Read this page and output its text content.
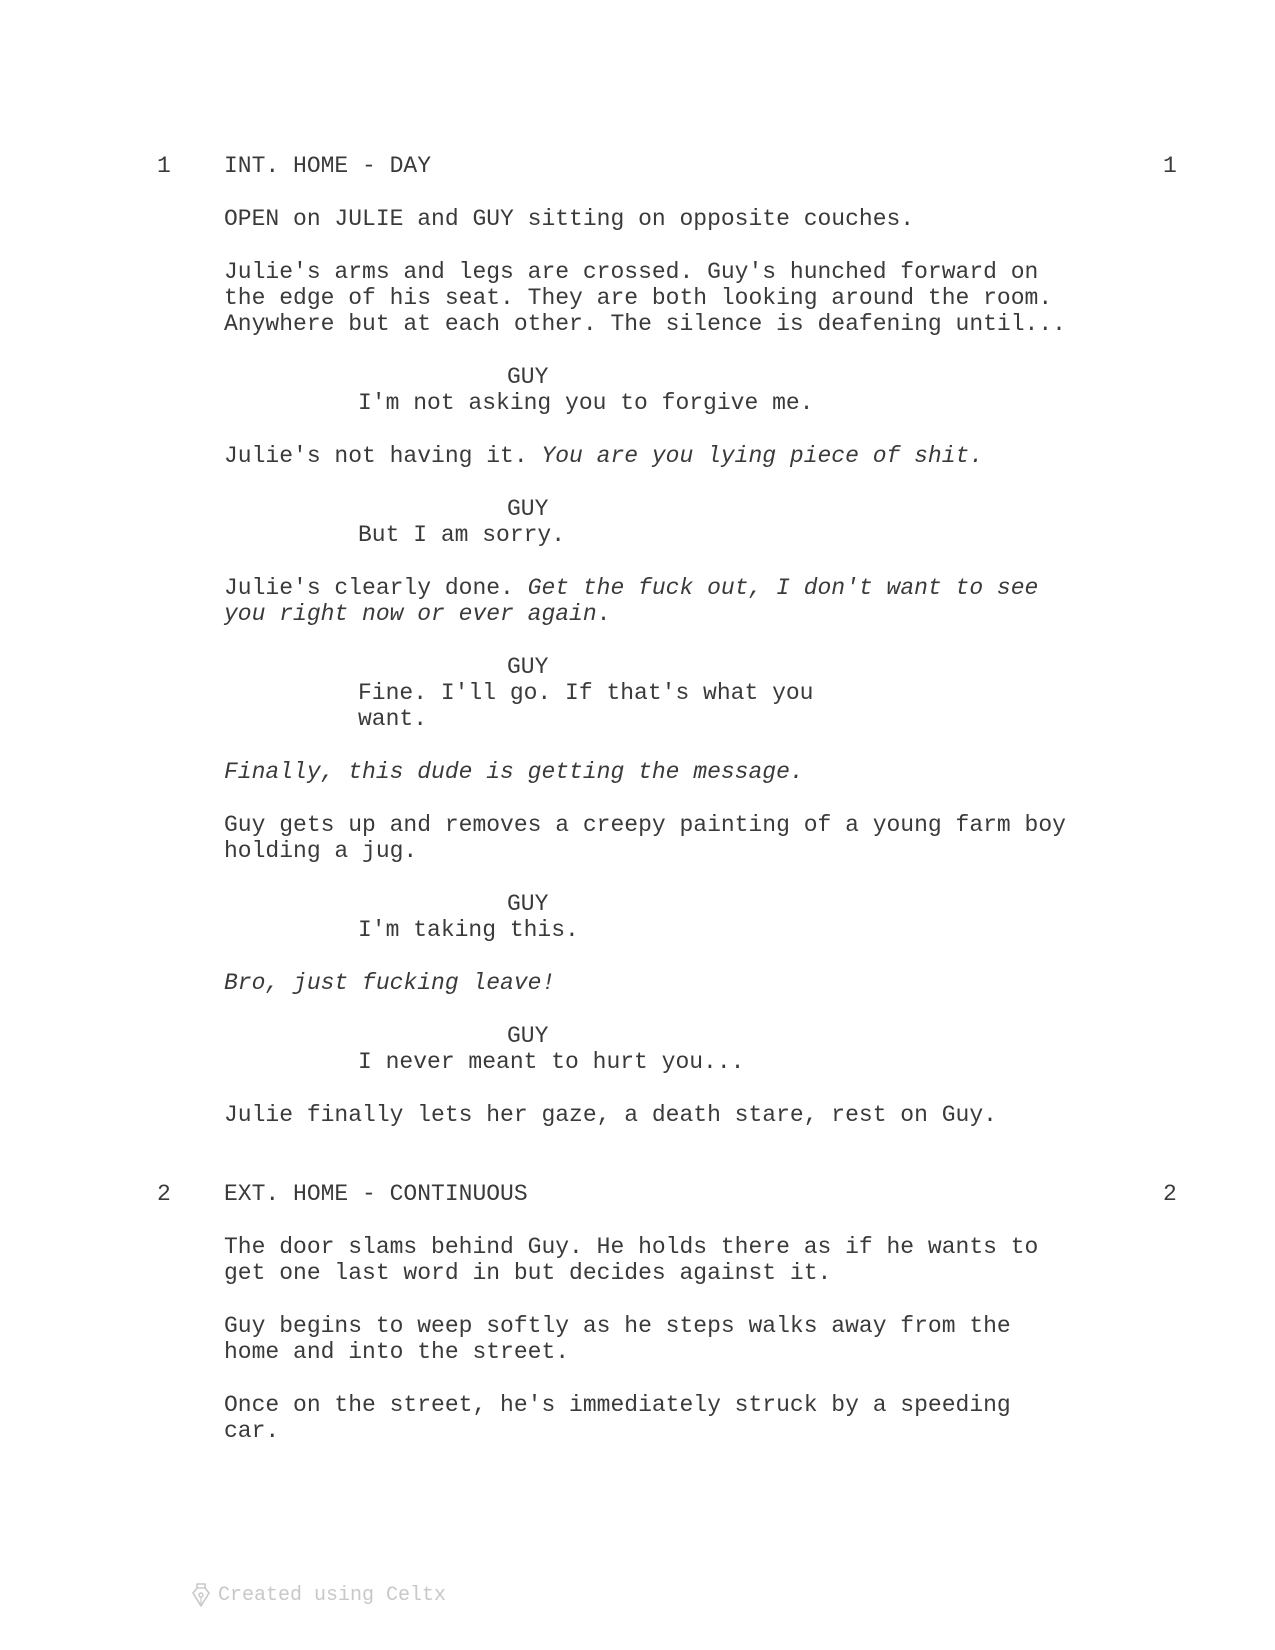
1 INT. HOME - DAY	1
OPEN on JULIE and GUY sitting on opposite couches.
Julie's arms and legs are crossed. Guy's hunched forward on
the edge of his seat. They are both looking around the room.
Anywhere but at each other. The silence is deafening until...
GUY
I'm not asking you to forgive me.
Julie's not having it. You are you lying piece of shit.
GUY
But I am sorry.
Julie's clearly done. Get the fuck out, I don't want to see
you right now or ever again.
GUY
Fine. I'll go. If that's what you
want.
Finally, this dude is getting the message.
Guy gets up and removes a creepy painting of a young farm boy
holding a jug.
GUY
I'm taking this.
Bro, just fucking leave!
GUY
I never meant to hurt you...
Julie finally lets her gaze, a death stare, rest on Guy.
2 EXT. HOME - CONTINUOUS	2
The door slams behind Guy. He holds there as if he wants to
get one last word in but decides against it.
Guy begins to weep softly as he steps walks away from the
home and into the street.
Once on the street, he's immediately struck by a speeding
car.
Created using Celtx
